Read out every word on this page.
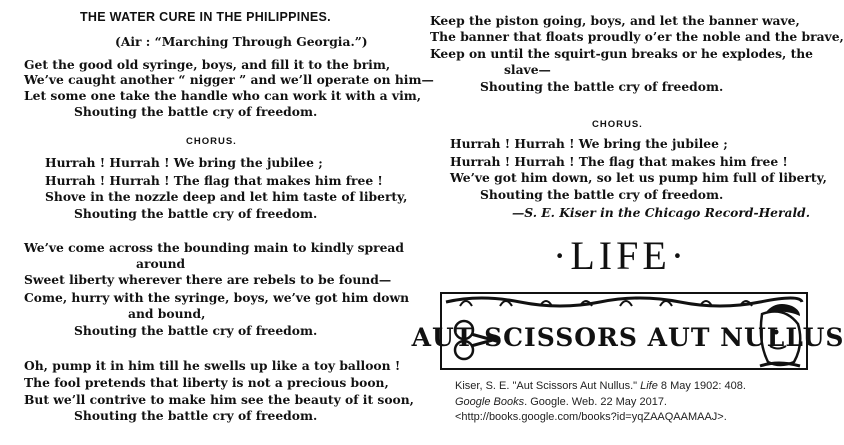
THE WATER CURE IN THE PHILIPPINES.
(Air : “Marching Through Georgia.”)
Get the good old syringe, boys, and fill it to the brim,
We’ve caught another “ nigger ” and we’ll operate on him—
Let some one take the handle who can work it with a vim,
Shouting the battle cry of freedom.
CHORUS.
Hurrah ! Hurrah ! We bring the jubilee ;
Hurrah ! Hurrah ! The flag that makes him free !
Shove in the nozzle deep and let him taste of liberty,
Shouting the battle cry of freedom.
We’ve come across the bounding main to kindly spread
around
Sweet liberty wherever there are rebels to be found—
Come, hurry with the syringe, boys, we’ve got him down
and bound,
Shouting the battle cry of freedom.
Oh, pump it in him till he swells up like a toy balloon !
The fool pretends that liberty is not a precious boon,
But we’ll contrive to make him see the beauty of it soon,
Shouting the battle cry of freedom.
Keep the piston going, boys, and let the banner wave,
The banner that floats proudly o’er the noble and the brave,
Keep on until the squirt-gun breaks or he explodes, the
slave—
Shouting the battle cry of freedom.
CHORUS.
Hurrah ! Hurrah ! We bring the jubilee ;
Hurrah ! Hurrah ! The flag that makes him free !
We’ve got him down, so let us pump him full of liberty,
Shouting the battle cry of freedom.
—S. E. Kiser in the Chicago Record-Herald.
·LIFE·
AUT SCISSORS AUT NULLUS
Kiser, S. E. "Aut Scissors Aut Nullus." Life 8 May 1902: 408.
Google Books. Google. Web. 22 May 2017.
<http://books.google.com/books?id=yqZAAQAAMAAJ>.
